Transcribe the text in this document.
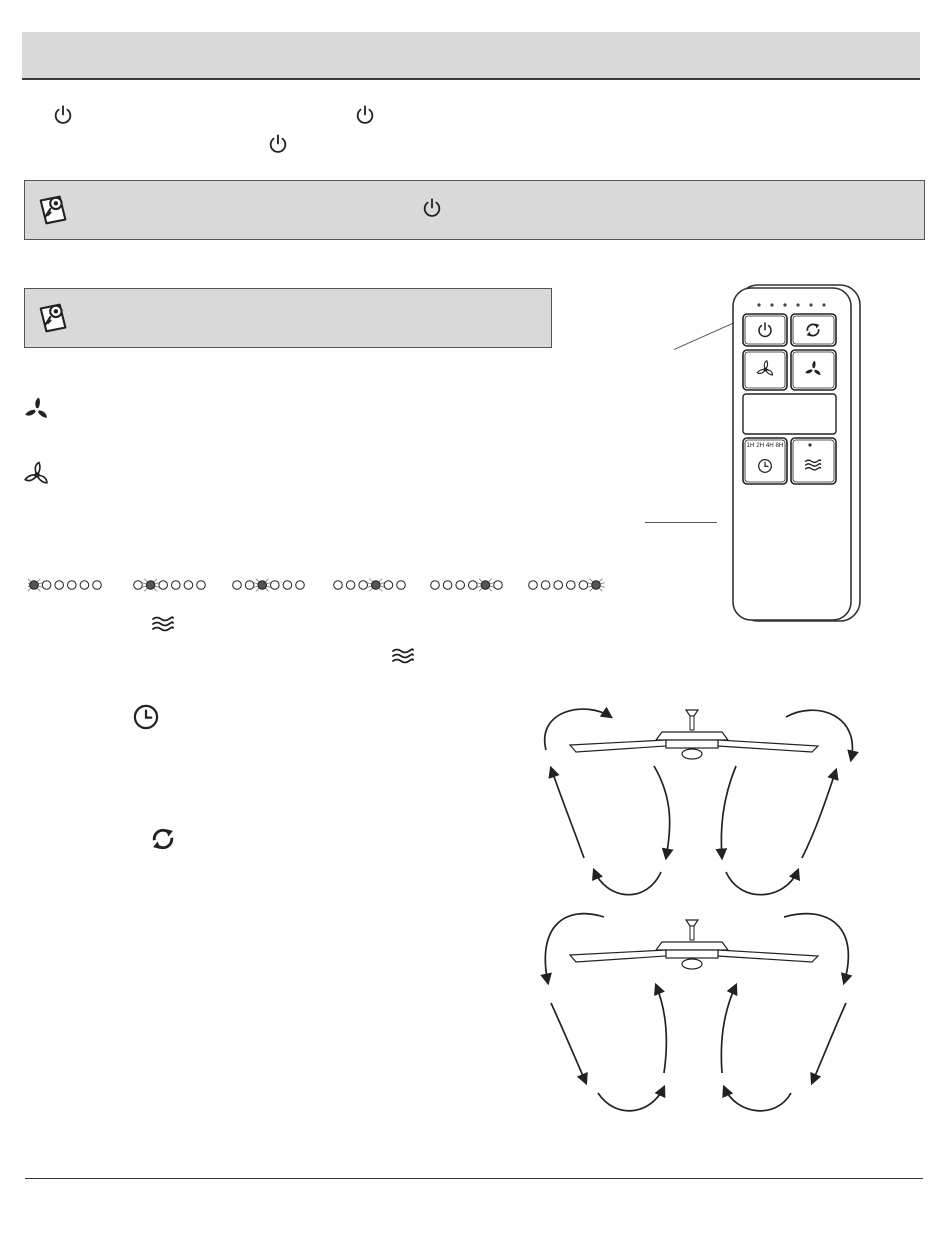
1H 2H 4H 8H
